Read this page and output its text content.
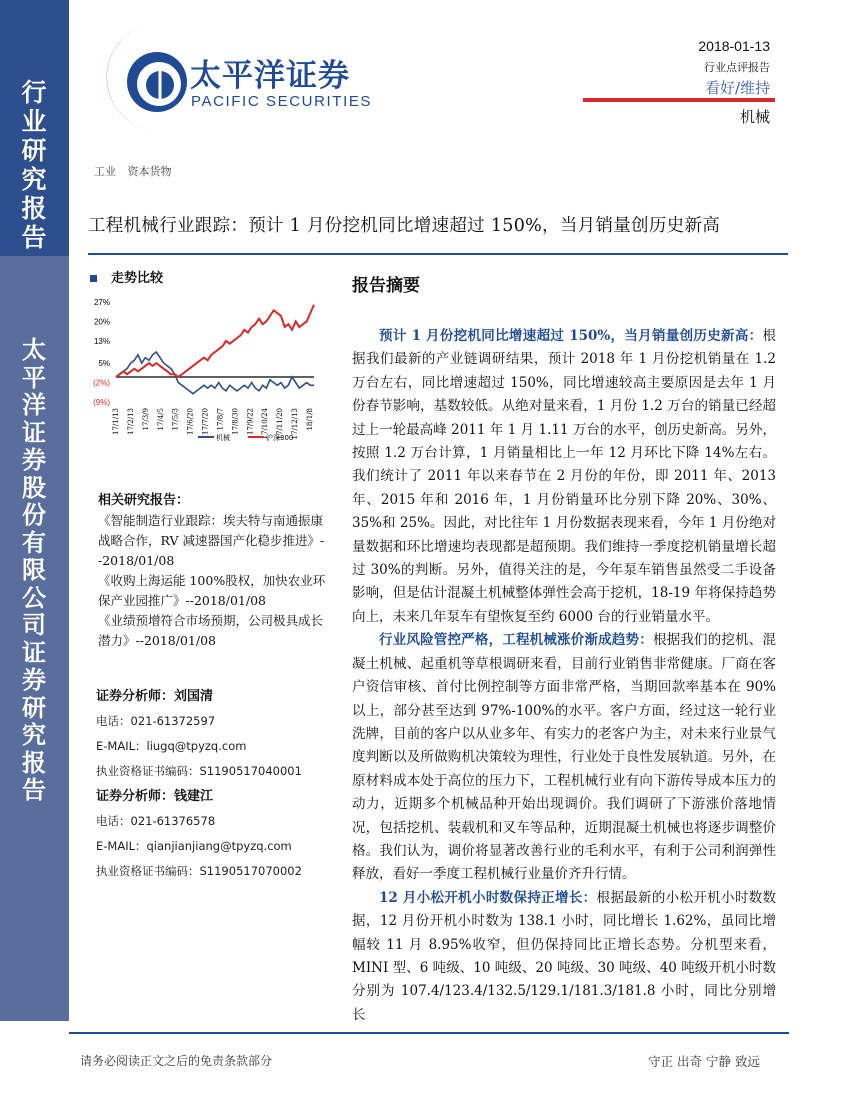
行业研究报告
太平洋证券股份有限公司证券研究报告
太平洋证券
PACIFIC SECURITIES
2018-01-13
行业点评报告
看好/维持
机械
工业 资本货物
工程机械行业跟踪：预计 1 月份挖机同比增速超过 150%，当月销量创历史新高
走势比较
27%
20%
13%
5%
(2%)
(9%)
17/1/13 17/2/13 17/3/9 17/4/5 17/5/3 17/6/20 17/7/20 17/8/7 17/8/30 17/9/22 17/10/24 17/11/20 17/12/13 18/1/8
机械	沪深300
相关研究报告：
《智能制造行业跟踪：埃夫特与南通振康战略合作，RV 减速器国产化稳步推进》--2018/01/08
《收购上海运能 100%股权，加快农业环保产业园推广》--2018/01/08
《业绩预增符合市场预期，公司极具成长潜力》--2018/01/08
证券分析师：刘国清
电话：021-61372597
E-MAIL：liugq@tpyzq.com
执业资格证书编码：S1190517040001
证券分析师：钱建江
电话：021-61376578
E-MAIL：qianjianjiang@tpyzq.com
执业资格证书编码：S1190517070002
报告摘要

预计 1 月份挖机同比增速超过 150%，当月销量创历史新高：根据我们最新的产业链调研结果，预计 2018 年 1 月份挖机销量在 1.2 万台左右，同比增速超过 150%，同比增速较高主要原因是去年 1 月份春节影响，基数较低。从绝对量来看，1 月份 1.2 万台的销量已经超过上一轮最高峰 2011 年 1 月 1.11 万台的水平，创历史新高。另外，按照 1.2 万台计算，1 月销量相比上一年 12 月环比下降 14%左右。我们统计了 2011 年以来春节在 2 月份的年份，即 2011 年、2013 年、2015 年和 2016 年，1 月份销量环比分别下降 20%、30%、35%和 25%。因此，对比往年 1 月份数据表现来看，今年 1 月份绝对量数据和环比增速均表现都是超预期。我们维持一季度挖机销量增长超过 30%的判断。另外，值得关注的是，今年泵车销售虽然受二手设备影响，但是估计混凝土机械整体弹性会高于挖机，18-19 年将保持趋势向上，未来几年泵车有望恢复至约 6000 台的行业销量水平。

行业风险管控严格，工程机械涨价渐成趋势：根据我们的挖机、混凝土机械、起重机等草根调研来看，目前行业销售非常健康。厂商在客户资信审核、首付比例控制等方面非常严格，当期回款率基本在 90%以上，部分甚至达到 97%-100%的水平。客户方面，经过这一轮行业洗牌，目前的客户以从业多年、有实力的老客户为主，对未来行业景气度判断以及所做购机决策较为理性，行业处于良性发展轨道。另外，在原材料成本处于高位的压力下，工程机械行业有向下游传导成本压力的动力，近期多个机械品种开始出现调价。我们调研了下游涨价落地情况，包括挖机、装载机和叉车等品种，近期混凝土机械也将逐步调整价格。我们认为，调价将显著改善行业的毛利水平，有利于公司利润弹性释放，看好一季度工程机械行业量价齐升行情。

12 月小松开机小时数保持正增长：根据最新的小松开机小时数数据，12 月份开机小时数为 138.1 小时，同比增长 1.62%，虽同比增幅较 11 月 8.95%收窄，但仍保持同比正增长态势。分机型来看，MINI 型、6 吨级、10 吨级、20 吨级、30 吨级、40 吨级开机小时数分别为 107.4/123.4/132.5/129.1/181.3/181.8 小时，同比分别增长

请务必阅读正文之后的免责条款部分	守正 出奇 宁静 致远
